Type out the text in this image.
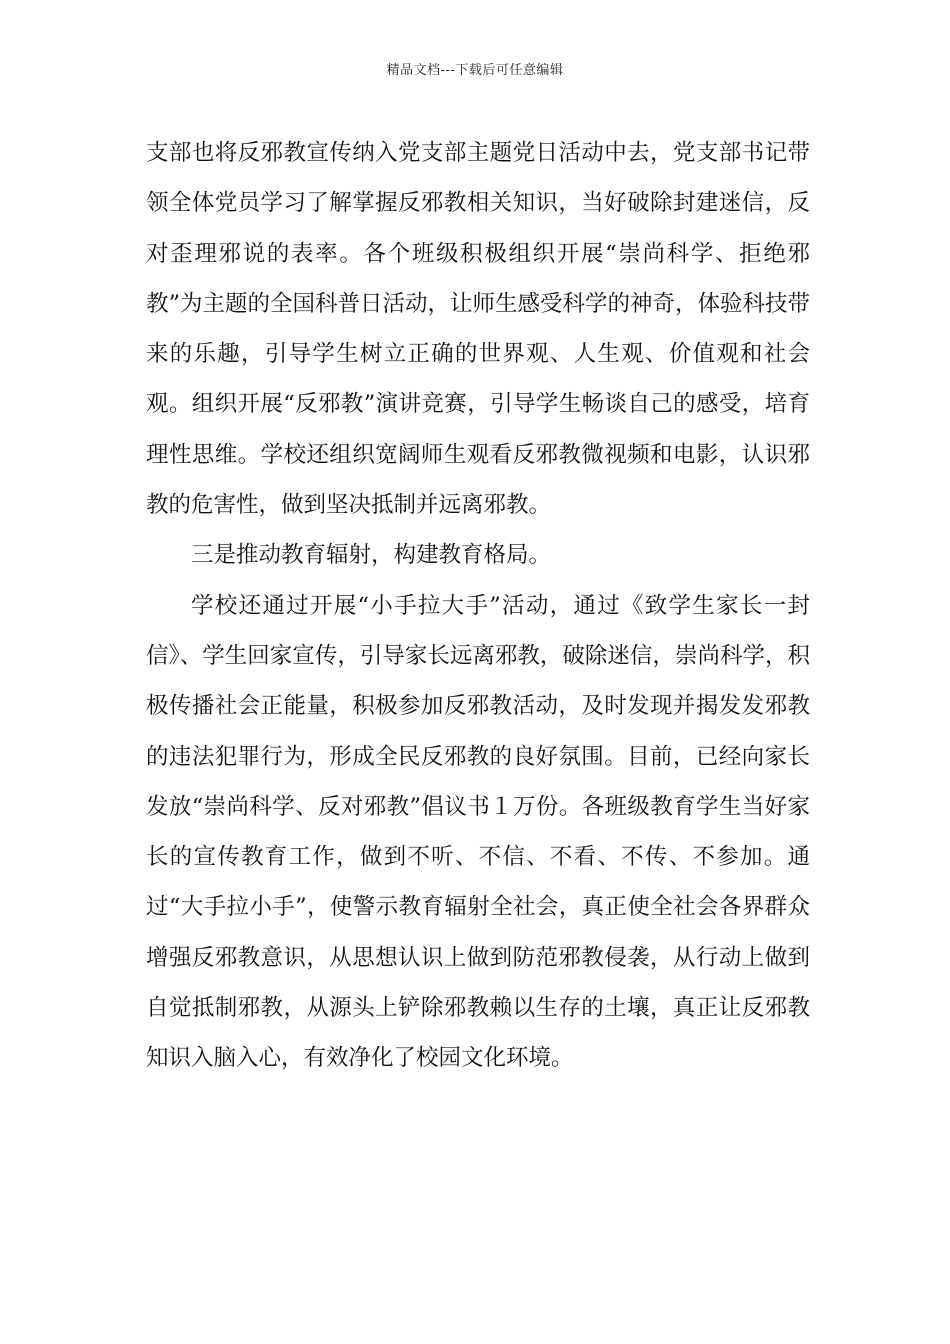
精品文档---下载后可任意编辑

支部也将反邪教宣传纳入党支部主题党日活动中去，党支部书记带领全体党员学习了解掌握反邪教相关知识，当好破除封建迷信，反对歪理邪说的表率。各个班级积极组织开展“崇尚科学、拒绝邪教”为主题的全国科普日活动，让师生感受科学的神奇，体验科技带来的乐趣，引导学生树立正确的世界观、人生观、价值观和社会观。组织开展“反邪教”演讲竞赛，引导学生畅谈自己的感受，培育理性思维。学校还组织宽阔师生观看反邪教微视频和电影，认识邪教的危害性，做到坚决抵制并远离邪教。

三是推动教育辐射，构建教育格局。

学校还通过开展“小手拉大手”活动，通过《致学生家长一封信》、学生回家宣传，引导家长远离邪教，破除迷信，崇尚科学，积极传播社会正能量，积极参加反邪教活动，及时发现并揭发发邪教的违法犯罪行为，形成全民反邪教的良好氛围。目前，已经向家长发放“崇尚科学、反对邪教”倡议书１万份。各班级教育学生当好家长的宣传教育工作，做到不听、不信、不看、不传、不参加。通过“大手拉小手”，使警示教育辐射全社会，真正使全社会各界群众增强反邪教意识，从思想认识上做到防范邪教侵袭，从行动上做到自觉抵制邪教，从源头上铲除邪教赖以生存的土壤，真正让反邪教知识入脑入心，有效净化了校园文化环境。
